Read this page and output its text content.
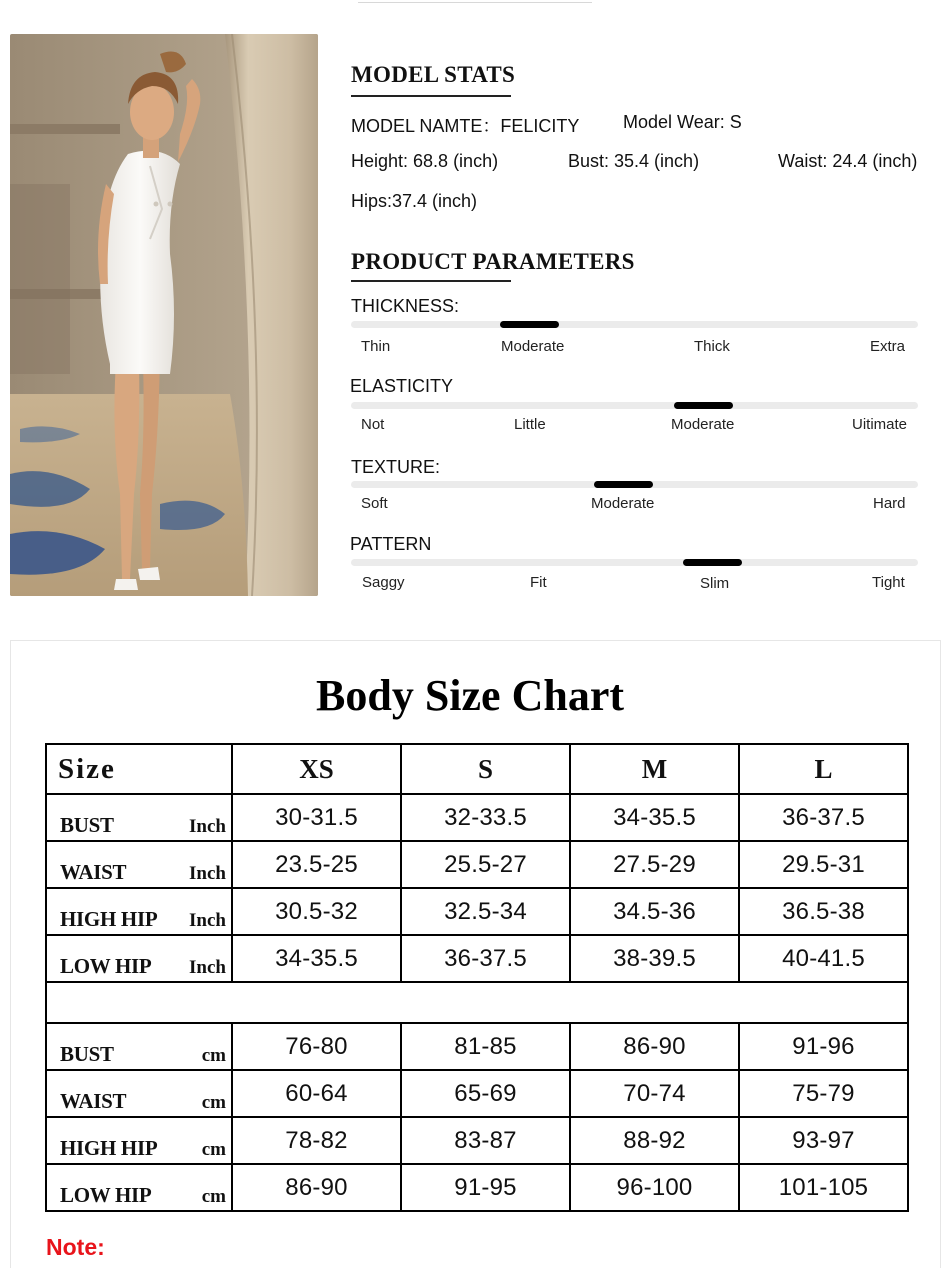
MODEL STATS
MODEL NAMTE：FELICITY Model Wear: S
Height: 68.8 (inch)	Bust: 35.4 (inch)	Waist: 24.4 (inch)
Hips:37.4 (inch)
PRODUCT PARAMETERS
THICKNESS:
Thin	Moderate	Thick	Extra
ELASTICITY
Not	Little	Moderate	Uitimate
TEXTURE:
Soft	Moderate	Hard
PATTERN
Saggy	Fit	Slim	Tight
Body Size Chart
Size	XS	S	M	L

BUST Inch	30-31.5	32-33.5	34-35.5	36-37.5

WAIST Inch	23.5-25	25.5-27	27.5-29	29.5-31

HIGH HIP Inch	30.5-32	32.5-34	34.5-36	36.5-38

LOW HIP Inch	34-35.5	36-37.5	38-39.5	40-41.5

BUST cm	76-80	81-85	86-90	91-96

WAIST cm	60-64	65-69	70-74	75-79

HIGH HIP cm	78-82	83-87	88-92	93-97

LOW HIP cm	86-90	91-95	96-100	101-105
Note:
